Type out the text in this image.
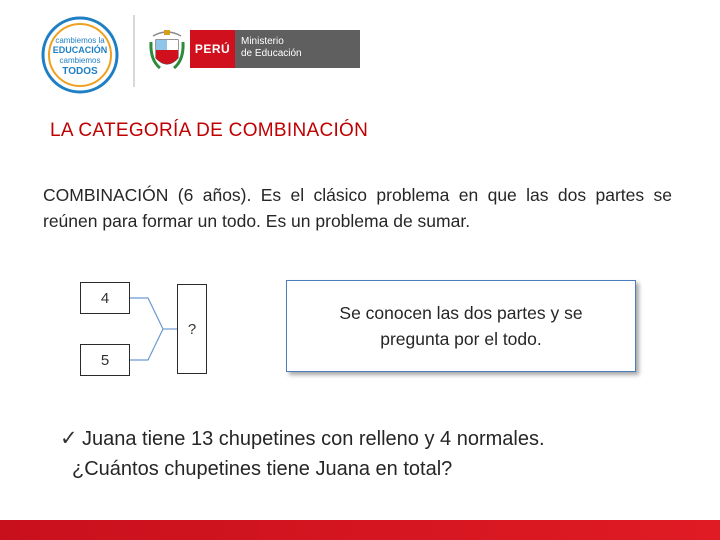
cambiemos la
EDUCACIÓN
cambiemos
TODOS
PERÚ
Ministerio
de Educación
LA CATEGORÍA DE COMBINACIÓN
COMBINACIÓN (6 años). Es el clásico problema en que las dos partes se reúnen para formar un todo. Es un problema de sumar.
4
5
?
Se conocen las dos partes y se pregunta por el todo.
✓ Juana tiene 13 chupetines con relleno y 4 normales.
¿Cuántos chupetines tiene Juana en total?
